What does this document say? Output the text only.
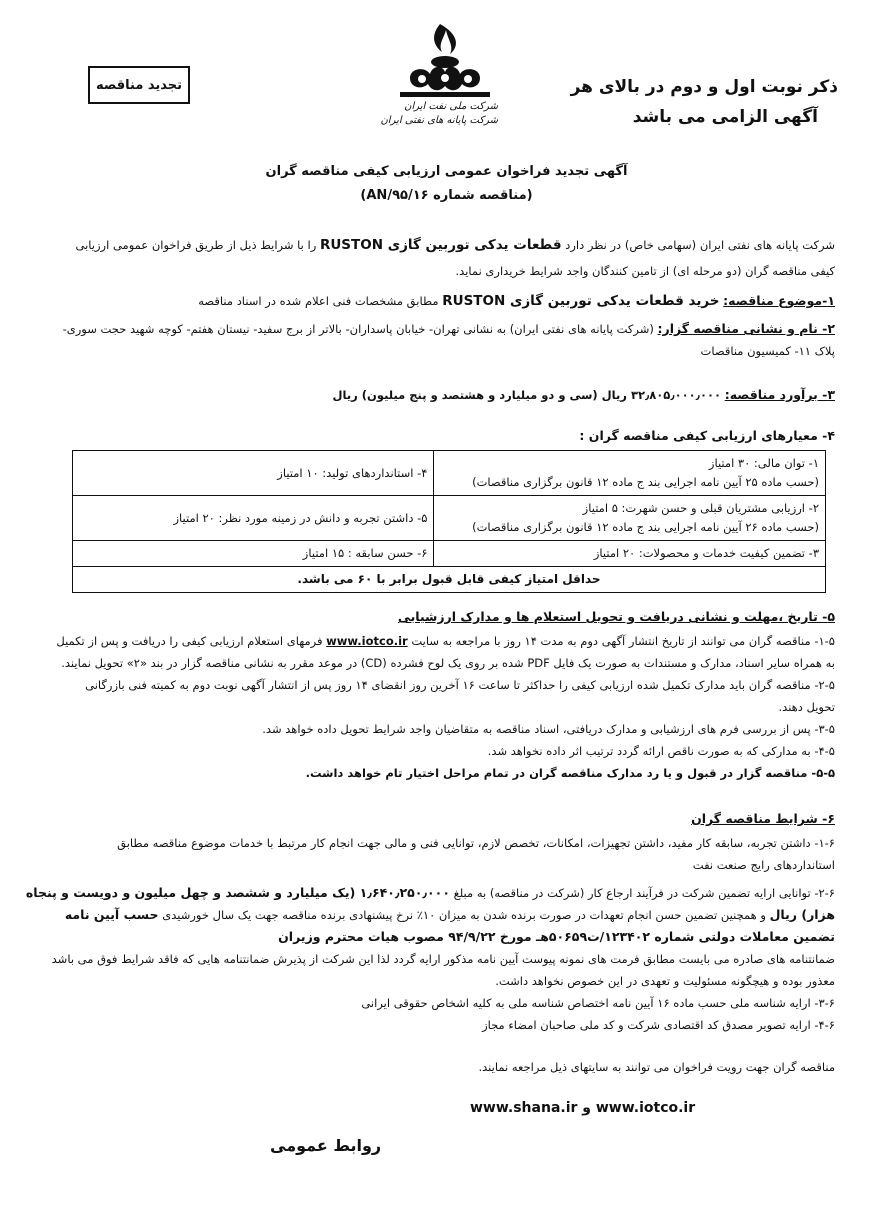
تجدید مناقصه
شرکت ملی نفت ایران
شرکت پایانه های نفتی ایران
ذکر نوبت اول و دوم در بالای هر
آگهی الزامی می باشد
آگهی تجدید فراخوان عمومی ارزیابی کیفی مناقصه گران
(مناقصه شماره ۹۵/۱۶/AN)
شرکت پایانه های نفتی ایران (سهامی خاص) در نظر دارد قطعات یدکی توربین گازی RUSTON را با شرایط ذیل از طریق فراخوان عمومی ارزیابی
کیفی مناقصه گران (دو مرحله ای) از تامین کنندگان واجد شرایط خریداری نماید.
۱-موضوع مناقصه: خرید قطعات یدکی توربین گازی RUSTON مطابق مشخصات فنی اعلام شده در اسناد مناقصه
۲- نام و نشانی مناقصه گزار: (شرکت پایانه های نفتی ایران) به نشانی تهران- خیابان پاسداران- بالاتر از برج سفید- نیستان هفتم- کوچه شهید حجت سوری-
پلاک ۱۱- کمیسیون مناقصات
۳- برآورد مناقصه: ۳۲٫۸۰۵٫۰۰۰٫۰۰۰ ریال (سی و دو میلیارد و هشتصد و پنج میلیون) ریال
۴- معیارهای ارزیابی کیفی مناقصه گران :
۱- توان مالی: ۳۰ امتیاز
(حسب ماده ۲۵ آیین نامه اجرایی بند ج ماده ۱۲ قانون برگزاری مناقصات)	۴- استانداردهای تولید: ۱۰ امتیاز

۲- ارزیابی مشتریان قبلی و حسن شهرت: ۵ امتیاز
(حسب ماده ۲۶ آیین نامه اجرایی بند ج ماده ۱۲ قانون برگزاری مناقصات)	۵- داشتن تجربه و دانش در زمینه مورد نظر: ۲۰ امتیاز
۳- تضمین کیفیت خدمات و محصولات: ۲۰ امتیاز	۶- حسن سابقه : ۱۵ امتیاز
حداقل امتیاز کیفی قابل قبول برابر با ۶۰ می باشد.	
۵- تاریخ ،مهلت و نشانی دریافت و تحویل استعلام ها و مدارک ارزشیابی
۱-۵- مناقصه گران می توانند از تاریخ انتشار آگهی دوم به مدت ۱۴ روز با مراجعه به سایت www.iotco.ir فرمهای استعلام ارزیابی کیفی را دریافت و پس از تکمیل
به همراه سایر اسناد، مدارک و مستندات به صورت یک فایل PDF شده بر روی یک لوح فشرده (CD) در موعد مقرر به نشانی مناقصه گزار در بند «۲» تحویل نمایند.
۲-۵- مناقصه گران باید مدارک تکمیل شده ارزیابی کیفی را حداکثر تا ساعت ۱۶ آخرین روز انقضای ۱۴ روز پس از انتشار آگهی نوبت دوم به کمیته فنی بازرگانی
تحویل دهند.
۳-۵- پس از بررسی فرم های ارزشیابی و مدارک دریافتی، اسناد مناقصه به متقاضیان واجد شرایط تحویل داده خواهد شد.
۴-۵- به مدارکی که به صورت ناقص ارائه گردد ترتیب اثر داده نخواهد شد.
۵-۵- مناقصه گزار در قبول و یا رد مدارک مناقصه گران در تمام مراحل اختیار تام خواهد داشت.
۶- شرایط مناقصه گران
۱-۶- داشتن تجربه، سابقه کار مفید، داشتن تجهیزات، امکانات، تخصص لازم، توانایی فنی و مالی جهت انجام کار مرتبط با خدمات موضوع مناقصه مطابق
استانداردهای رایج صنعت نفت
۲-۶- توانایی ارایه تضمین شرکت در فرآیند ارجاع کار (شرکت در مناقصه) به مبلغ ۱٫۶۴۰٫۲۵۰٫۰۰۰ (یک میلیارد و ششصد و چهل میلیون و دویست و پنجاه
هزار) ریال و همچنین تضمین حسن انجام تعهدات در صورت برنده شدن به میزان ۱۰٪ نرخ پیشنهادی برنده مناقصه جهت یک سال خورشیدی حسب آیین نامه
تضمین معاملات دولتی شماره ۱۲۳۴۰۲/ت۵۰۶۵۹هـ مورخ ۹۴/۹/۲۲ مصوب هیات محترم وزیران
ضمانتنامه های صادره می بایست مطابق فرمت های نمونه پیوست آیین نامه مذکور ارایه گردد لذا این شرکت از پذیرش ضمانتنامه هایی که فاقد شرایط فوق می باشد
معذور بوده و هیچگونه مسئولیت و تعهدی در این خصوص نخواهد داشت.
۳-۶- ارایه شناسه ملی حسب ماده ۱۶ آیین نامه اختصاص شناسه ملی به کلیه اشخاص حقوقی ایرانی
۴-۶- ارایه تصویر مصدق کد اقتصادی شرکت و کد ملی صاحبان امضاء مجاز
مناقصه گران جهت رویت فراخوان می توانند به سایتهای ذیل مراجعه نمایند.
www.shana.ir و www.iotco.ir
روابط عمومی
